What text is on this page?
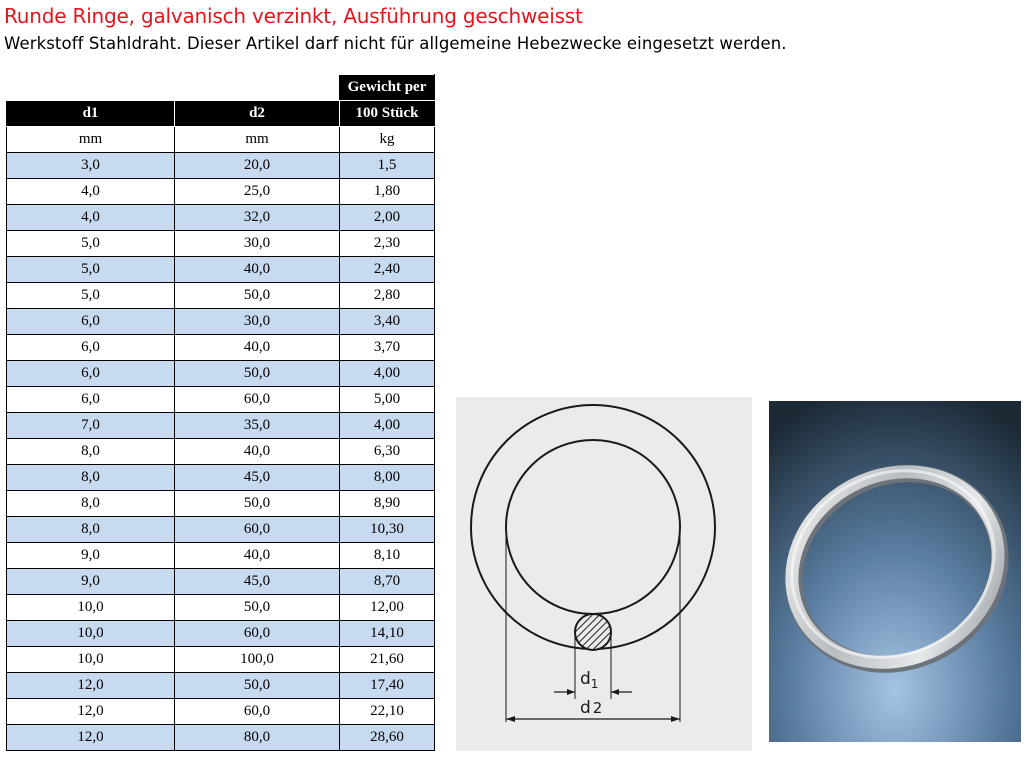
Runde Ringe, galvanisch verzinkt, Ausführung geschweisst
Werkstoff Stahldraht. Dieser Artikel darf nicht für allgemeine Hebezwecke eingesetzt werden.
		Gewicht per
d1	d2	100 Stück
mm	mm	kg
3,0	20,0	1,5
4,0	25,0	1,80
4,0	32,0	2,00
5,0	30,0	2,30
5,0	40,0	2,40
5,0	50,0	2,80
6,0	30,0	3,40
6,0	40,0	3,70
6,0	50,0	4,00
6,0	60,0	5,00
7,0	35,0	4,00
8,0	40,0	6,30
8,0	45,0	8,00
8,0	50,0	8,90
8,0	60,0	10,30
9,0	40,0	8,10
9,0	45,0	8,70
10,0	50,0	12,00
10,0	60,0	14,10
10,0	100,0	21,60
12,0	50,0	17,40
12,0	60,0	22,10
12,0	80,0	28,60
$d_1$
d 2
